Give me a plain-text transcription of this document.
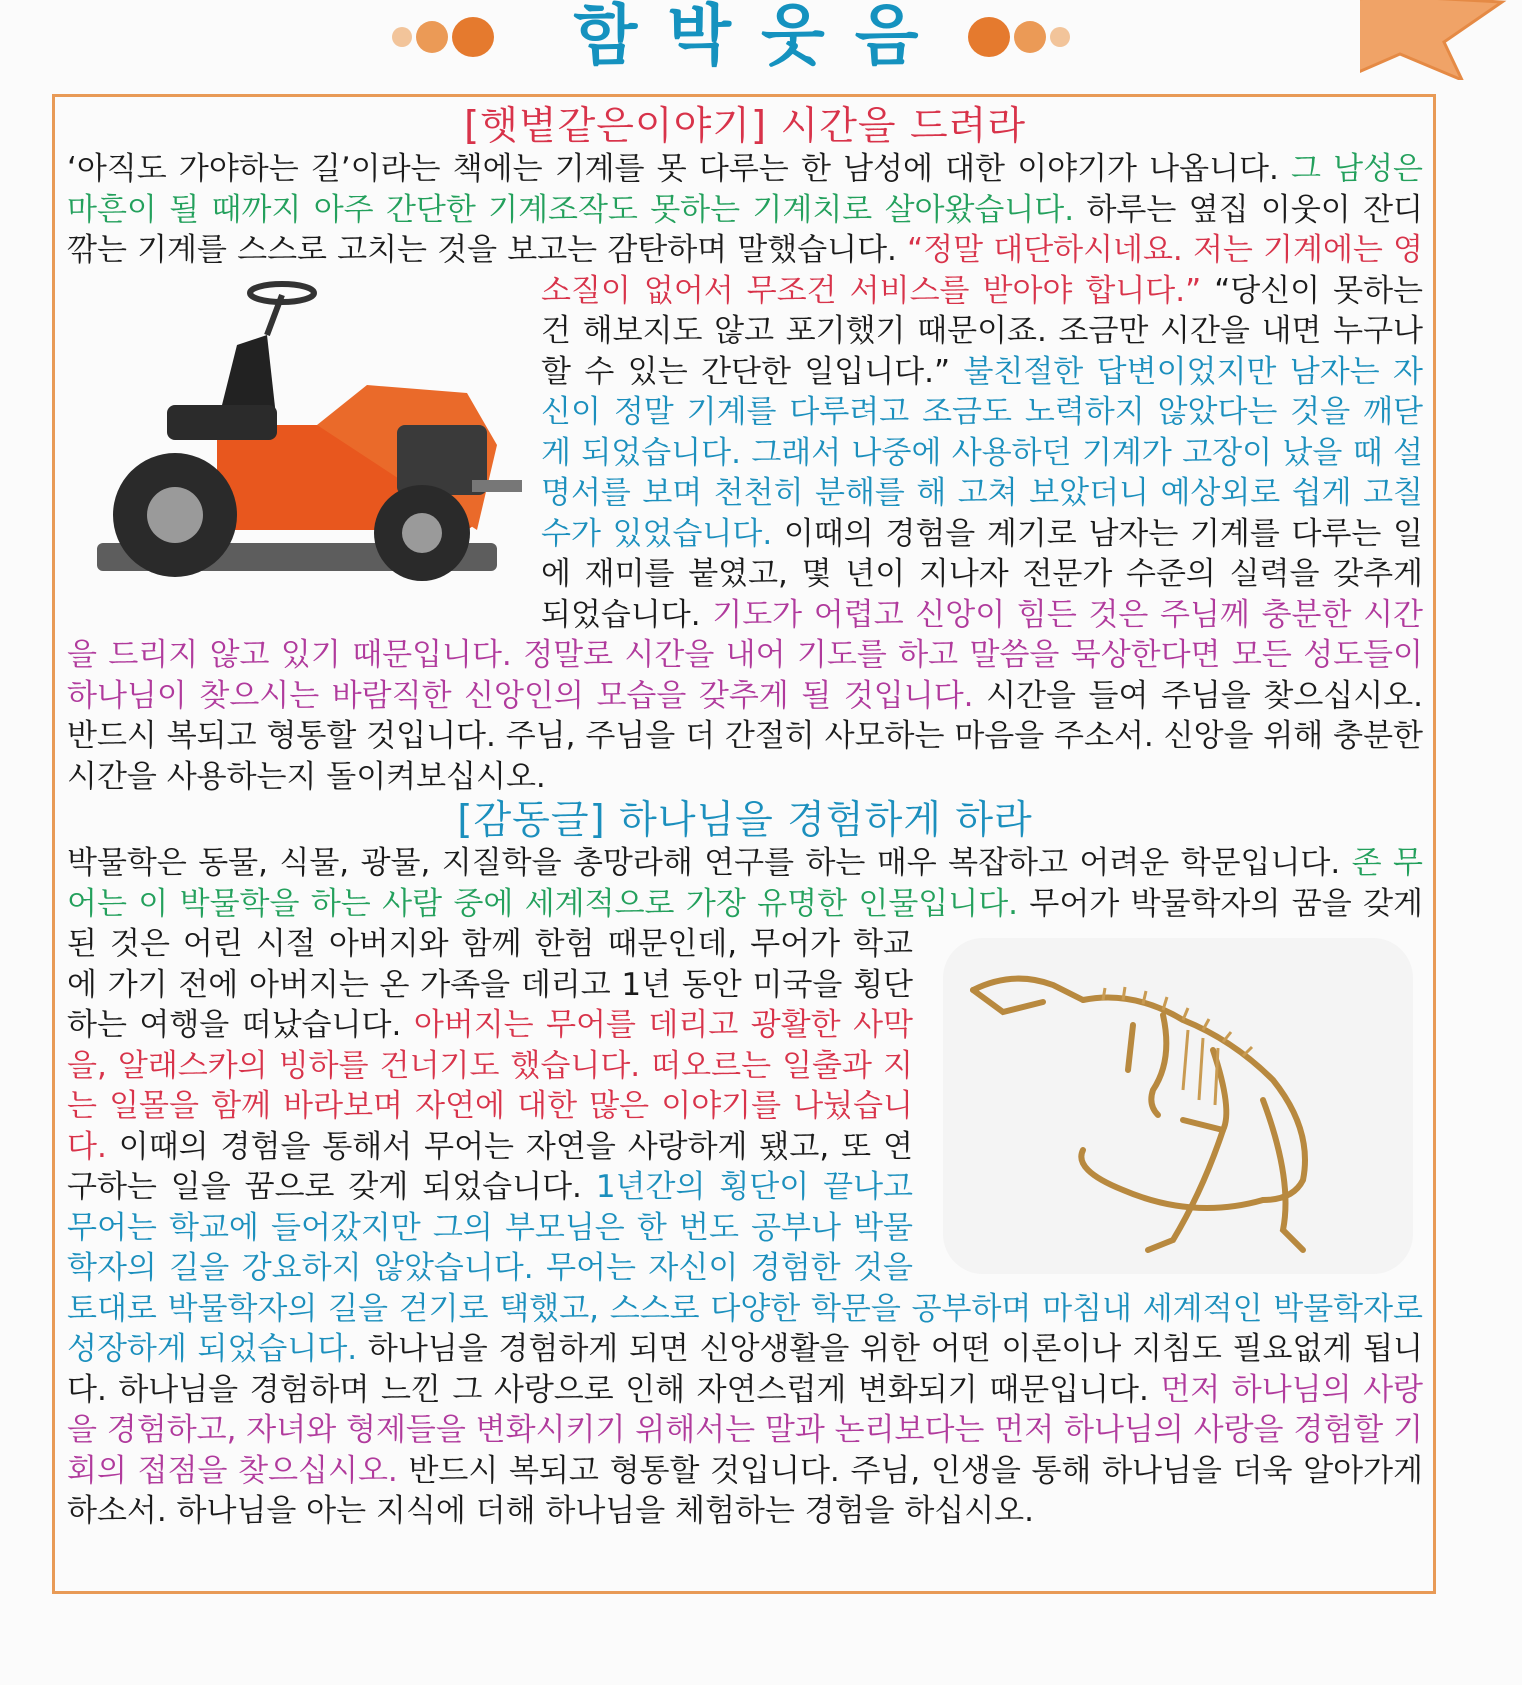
함박웃음
[햇볕같은이야기] 시간을 드려라

‘아직도 가야하는 길’이라는 책에는 기계를 못 다루는 한 남성에 대한 이야기가 나옵니다. 그 남성은 마흔이 될 때까지 아주 간단한 기계조작도 못하는 기계치로 살아왔습니다. 하루는 옆집 이웃이 잔디 깎는 기계를 스스로 고치는 것을 보고는 감탄하며 말했습니다. “정말 대단하시네요. 저는 기계에는 영 소질이 없어서 무조건 서비스를 받아야 합니다.”
“당신이 못하는 건 해보지도 않고 포기했기 때문이죠. 조금만 시간을 내면 누구나 할 수 있는 간단한 일입니다.” 불친절한 답변이었지만 남자는 자신이 정말 기계를 다루려고 조금도 노력하지 않았다는 것을 깨닫게 되었습니다. 그래서 나중에 사용하던 기계가 고장이 났을 때 설명서를 보며 천천히 분해를 해 고쳐 보았더니 예상외로 쉽게 고칠 수가 있었습니다. 이때의 경험을 계기로 남자는 기계를 다루는 일에 재미를 붙였고, 몇 년이 지나자 전문가 수준의 실력을 갖추게 되었습니다. 기도가 어렵고 신앙이 힘든 것은 주님께 충분한 시간을 드리지 않고 있기 때문입니다. 정말로 시간을 내어 기도를 하고 말씀을 묵상한다면 모든 성도들이 하나님이 찾으시는 바람직한 신앙인의 모습을 갖추게 될 것입니다. 시간을 들여 주님을 찾으십시오. 반드시 복되고 형통할 것입니다. 주님, 주님을 더 간절히 사모하는 마음을 주소서. 신앙을 위해 충분한 시간을 사용하는지 돌이켜보십시오.

[감동글] 하나님을 경험하게 하라

박물학은 동물, 식물, 광물, 지질학을 총망라해 연구를 하는 매우 복잡하고 어려운 학문입니다. 존 무어는 이 박물학을 하는 사람 중에 세계적으로 가장 유명한 인물입니다.
무어가 박물학자의 꿈을 갖게 된 것은 어린 시절 아버지와 함께 한험 때문인데, 무어가 학교에 가기 전에 아버지는 온 가족을 데리고 1년 동안 미국을 횡단하는 여행을 떠났습니다. 아버지는 무어를 데리고 광활한 사막을, 알래스카의 빙하를 건너기도 했습니다. 떠오르는 일출과 지는 일몰을 함께 바라보며 자연에 대한 많은 이야기를 나눴습니다. 이때의 경험을 통해서 무어는 자연을 사랑하게 됐고, 또 연구하는 일을 꿈으로 갖게 되었습니다. 1년간의 횡단이 끝나고 무어는 학교에 들어갔지만 그의 부모님은 한 번도 공부나 박물학자의 길을 강요하지 않았습니다. 무어는 자신이 경험한 것을 토대로 박물학자의 길을 걷기로 택했고, 스스로 다양한 학문을 공부하며 마침내 세계적인 박물학자로 성장하게 되었습니다. 하나님을 경험하게 되면 신앙생활을 위한 어떤 이론이나 지침도 필요없게 됩니다. 하나님을 경험하며 느낀 그 사랑으로 인해 자연스럽게 변화되기 때문입니다. 먼저 하나님의 사랑을 경험하고, 자녀와 형제들을 변화시키기 위해서는 말과 논리보다는 먼저 하나님의 사랑을 경험할 기회의 접점을 찾으십시오. 반드시 복되고 형통할 것입니다. 주님, 인생을 통해 하나님을 더욱 알아가게 하소서. 하나님을 아는 지식에 더해 하나님을 체험하는 경험을 하십시오.
